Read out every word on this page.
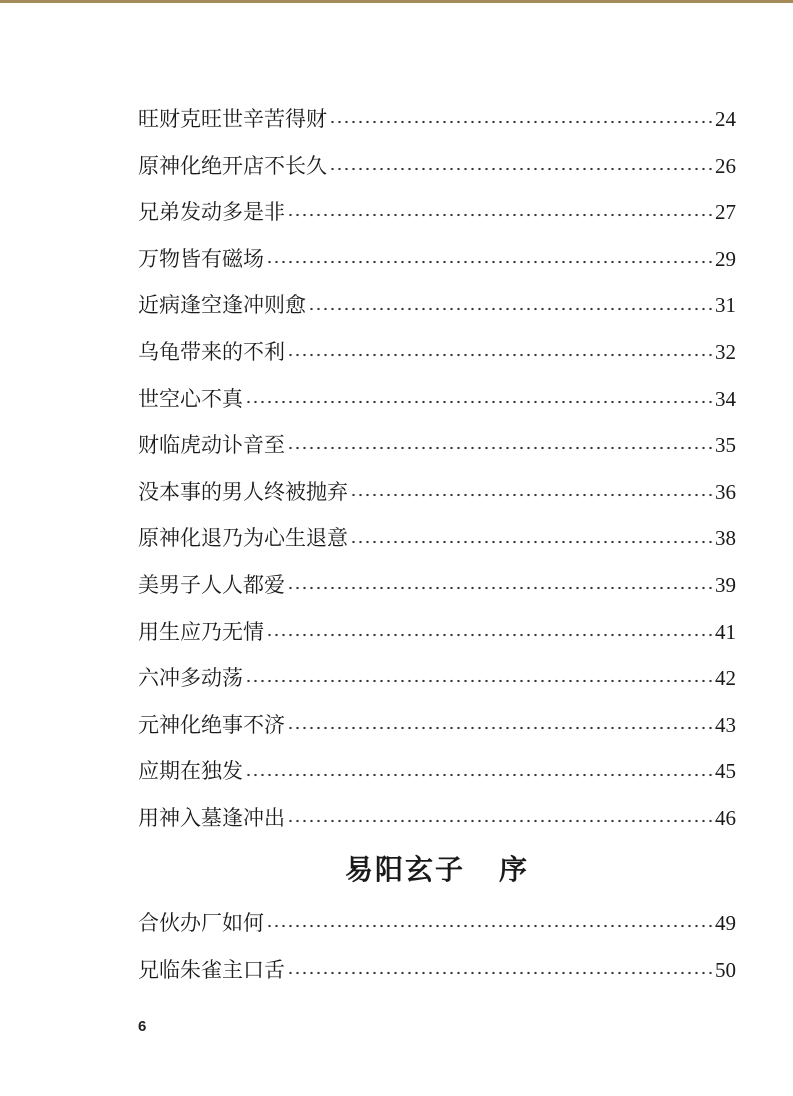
旺财克旺世辛苦得财	24
原神化绝开店不长久	26
兄弟发动多是非	27
万物皆有磁场	29
近病逢空逢冲则愈	31
乌龟带来的不利	32
世空心不真	34
财临虎动讣音至	35
没本事的男人终被抛弃	36
原神化退乃为心生退意	38
美男子人人都爱	39
用生应乃无情	41
六冲多动荡	42
元神化绝事不济	43
应期在独发	45
用神入墓逢冲出	46
易阳玄子 序
合伙办厂如何	49
兄临朱雀主口舌	50
6
